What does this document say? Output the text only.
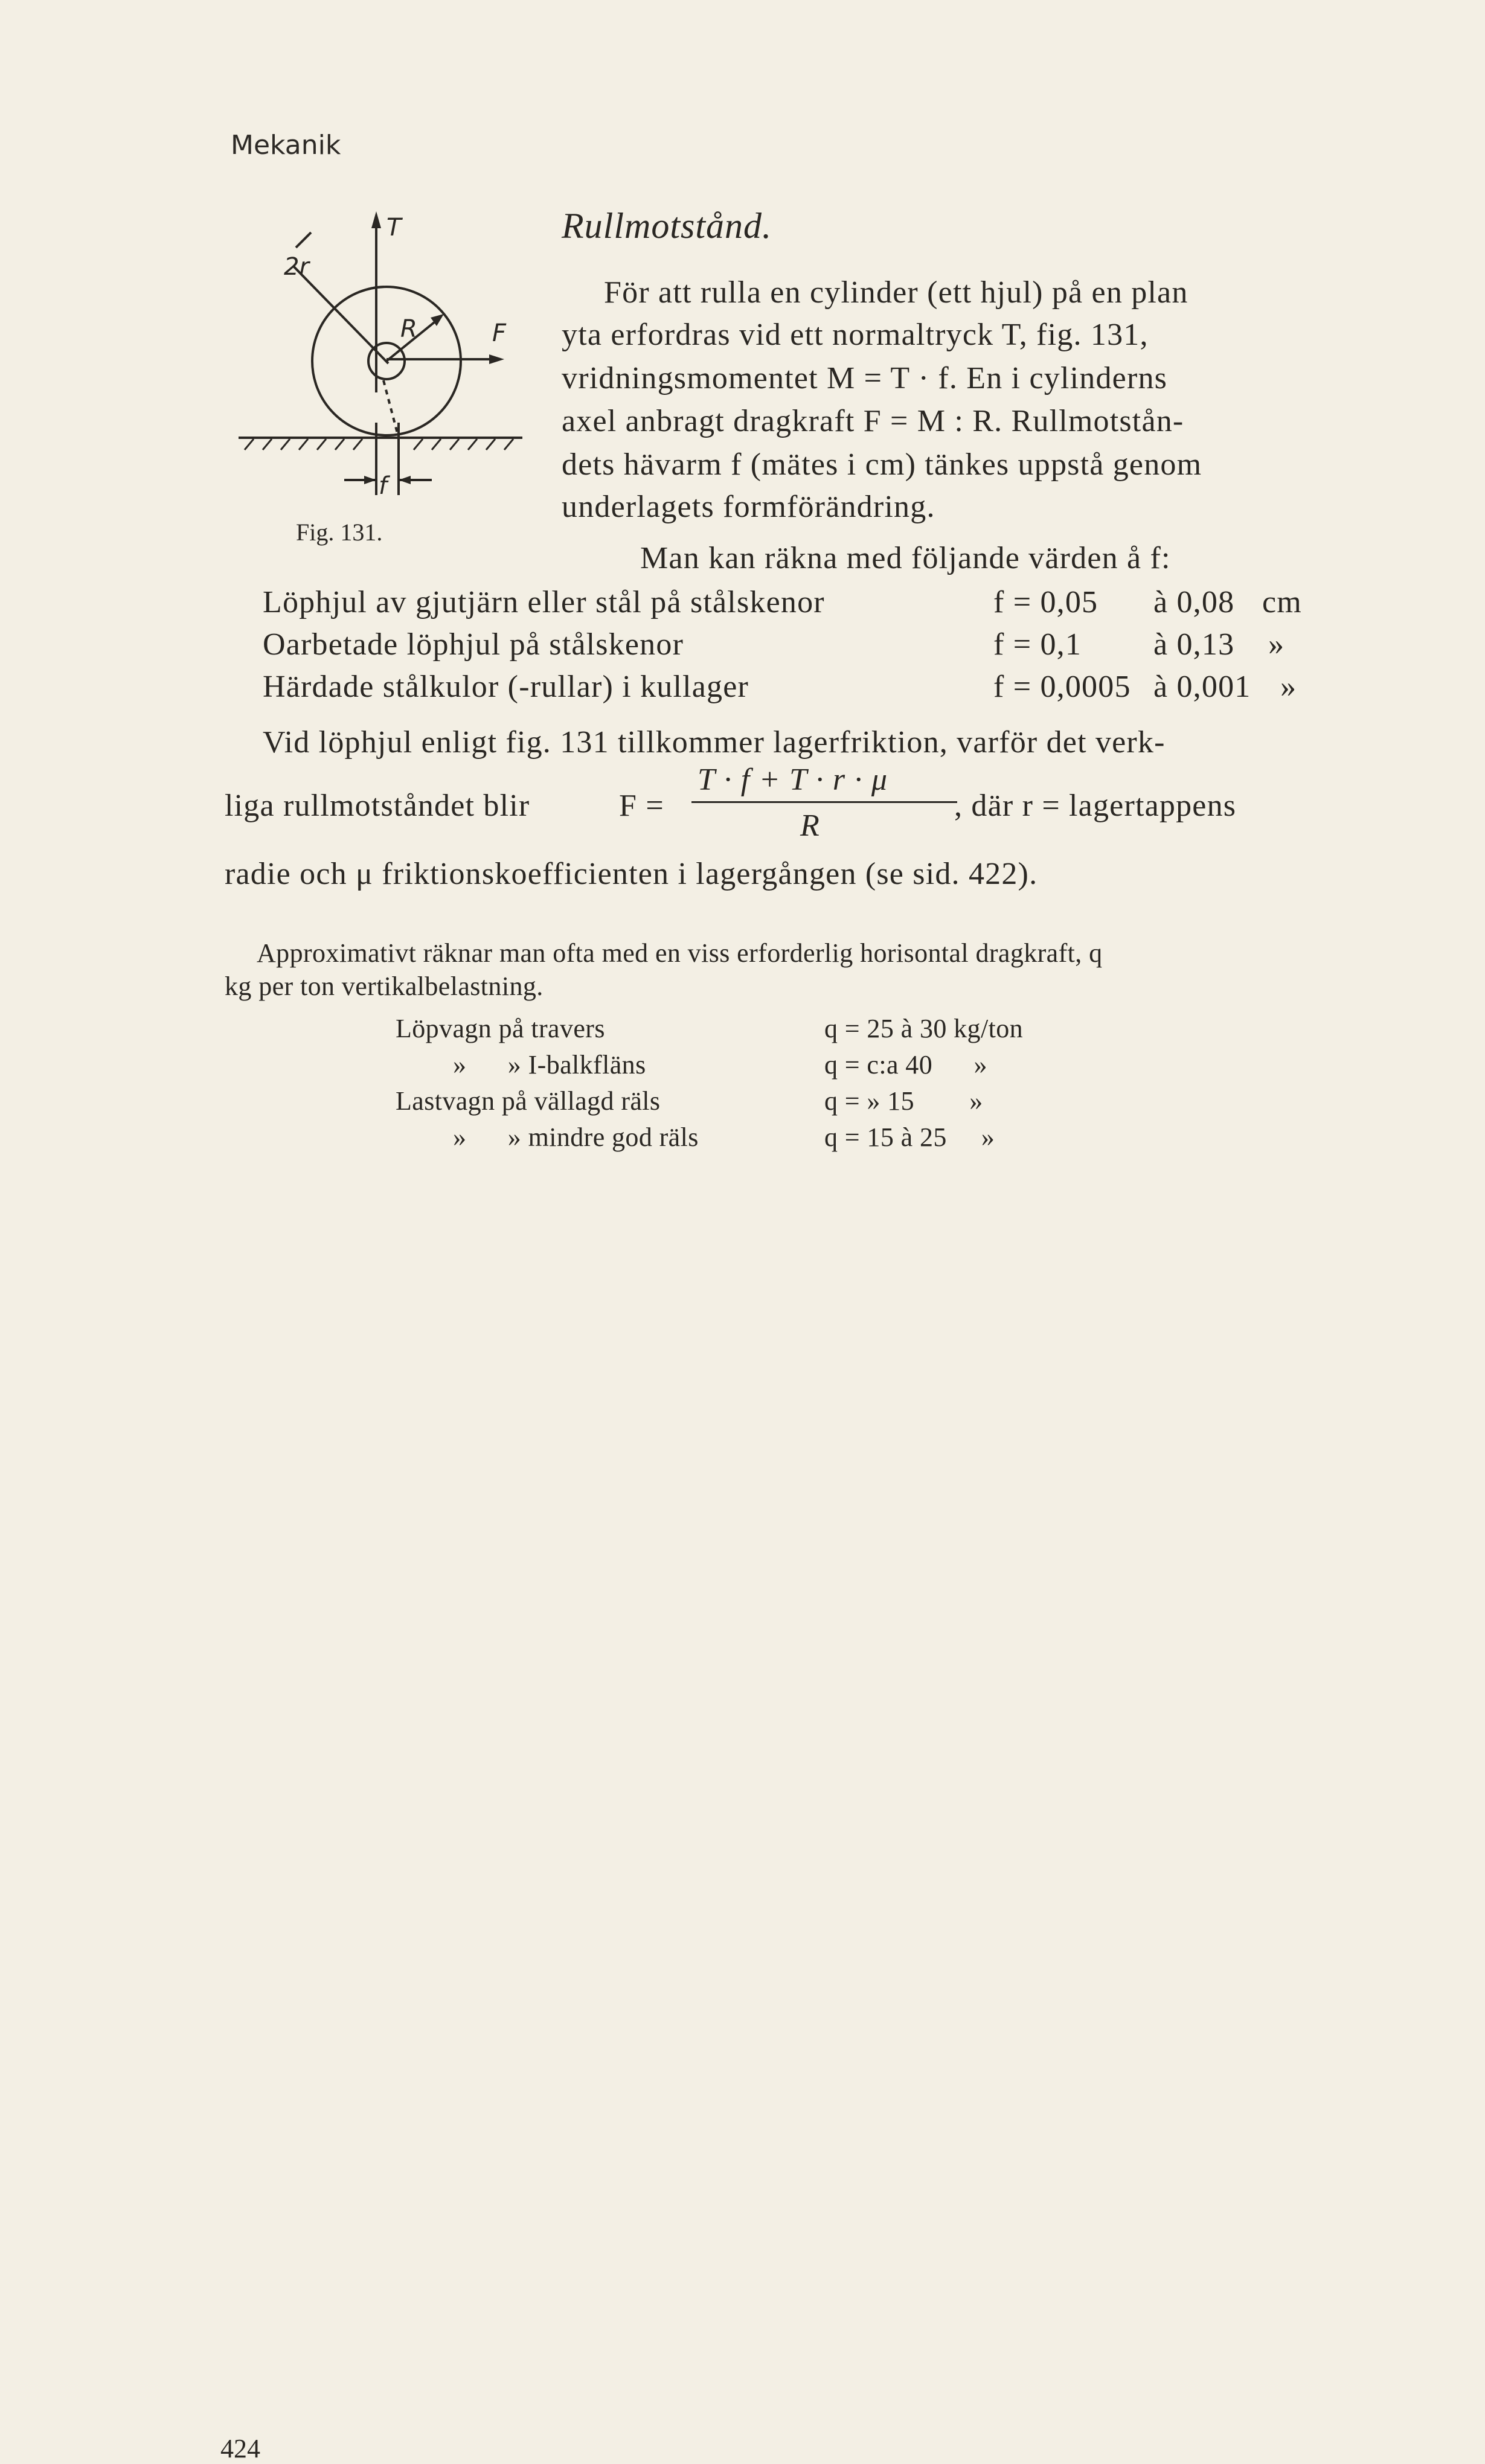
Mekanik
T
F
R
2r
f
Fig. 131.
Rullmotstånd.
För att rulla en cylinder (ett hjul) på en plan
yta erfordras vid ett normaltryck T, fig. 131,
vridningsmomentet M = T · f. En i cylinderns
axel anbragt dragkraft F = M : R. Rullmotstån-
dets hävarm f (mätes i cm) tänkes uppstå genom
underlagets formförändring.
Man kan räkna med följande värden å f:
Löphjul av gjutjärn eller stål på stålskenor	f = 0,05 à 0,08 cm
Oarbetade löphjul på stålskenor	f = 0,1 à 0,13 »
Härdade stålkulor (-rullar) i kullager	f = 0,0005 à 0,001 »
Vid löphjul enligt fig. 131 tillkommer lagerfriktion, varför det verk-
liga rullmotståndet blir	F =
T · f + T · r · μ
R
, där r = lagertappens
radie och μ friktionskoefficienten i lagergången (se sid. 422).
Approximativt räknar man ofta med en viss erforderlig horisontal dragkraft, q
kg per ton vertikalbelastning.
Löpvagn på travers	q = 25 à 30 kg/ton
»      » I-balkfläns	q = c:a 40      »
Lastvagn på vällagd räls	q = » 15        »
»      » mindre god räls	q = 15 à 25     »
424
